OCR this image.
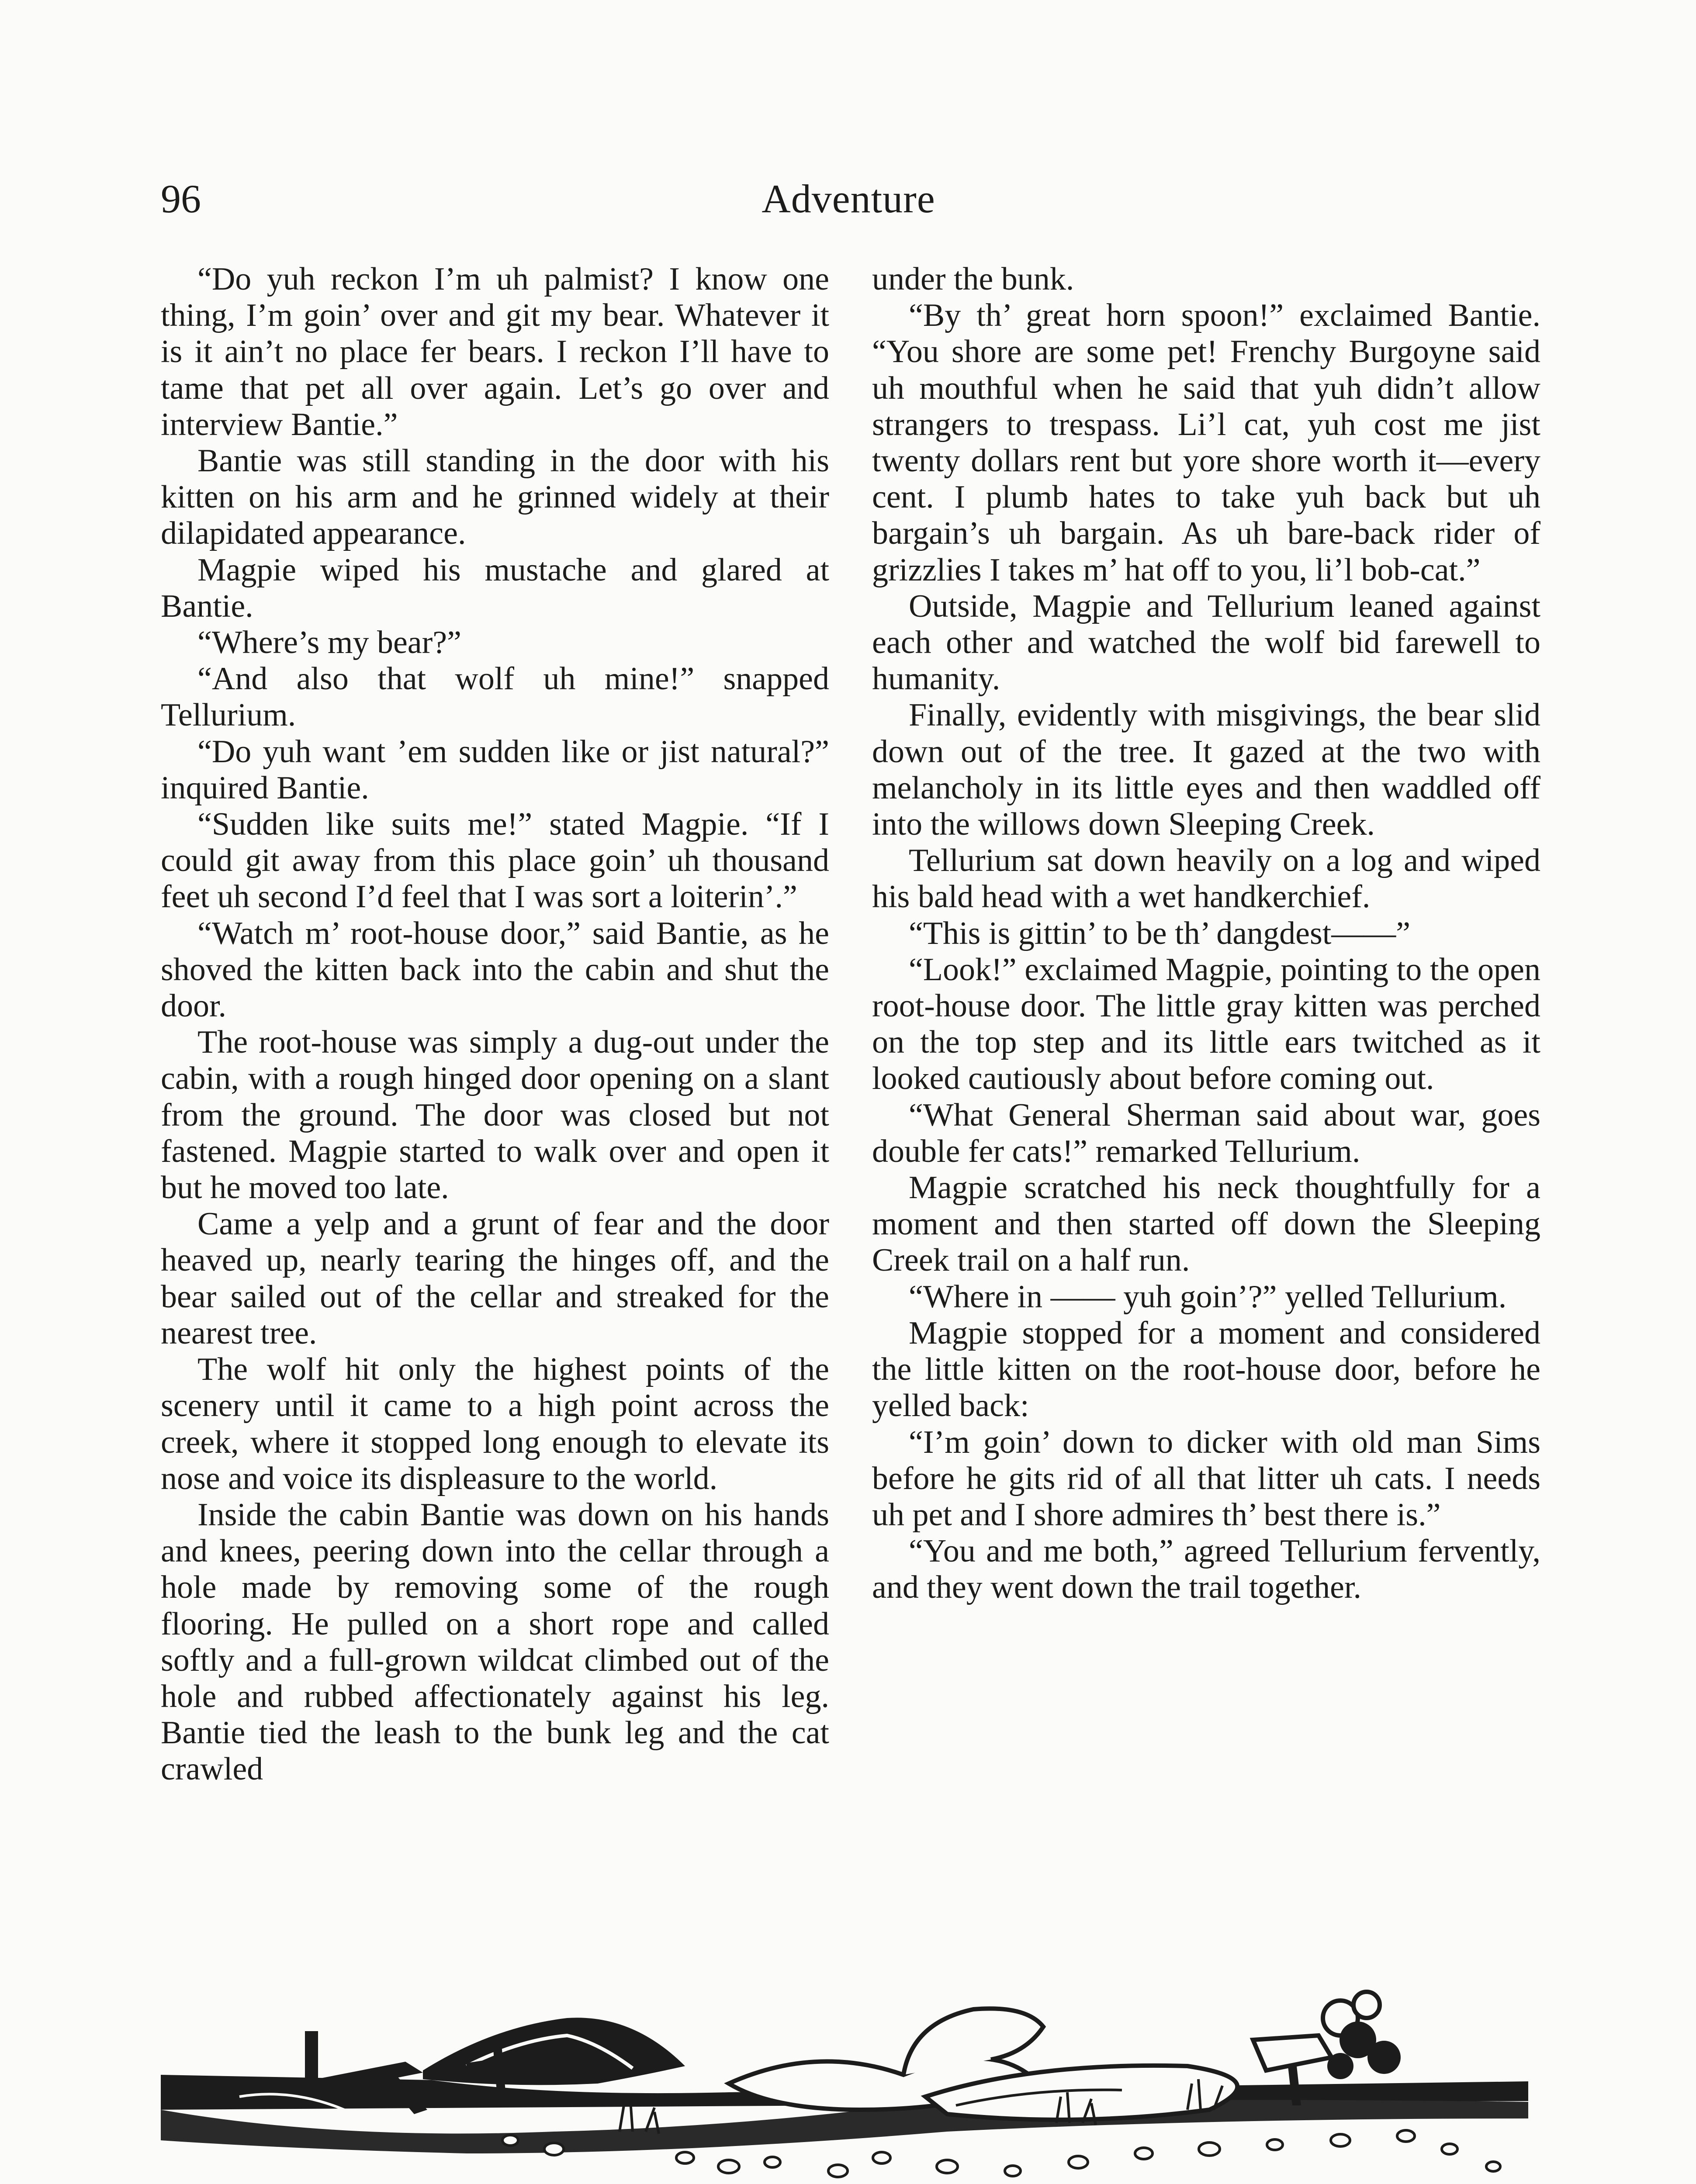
96	Adventure

“Do yuh reckon I’m uh palmist? I know one thing, I’m goin’ over and git my bear. Whatever it is it ain’t no place fer bears. I reckon I’ll have to tame that pet all over again. Let’s go over and interview Bantie.”

Bantie was still standing in the door with his kitten on his arm and he grinned widely at their dilapidated appearance.

Magpie wiped his mustache and glared at Bantie.

“Where’s my bear?”

“And also that wolf uh mine!” snapped Tellurium.

“Do yuh want ’em sudden like or jist natural?” inquired Bantie.

“Sudden like suits me!” stated Magpie. “If I could git away from this place goin’ uh thousand feet uh second I’d feel that I was sort a loiterin’.”

“Watch m’ root-house door,” said Bantie, as he shoved the kitten back into the cabin and shut the door.

The root-house was simply a dug-out under the cabin, with a rough hinged door opening on a slant from the ground. The door was closed but not fastened. Magpie started to walk over and open it but he moved too late.

Came a yelp and a grunt of fear and the door heaved up, nearly tearing the hinges off, and the bear sailed out of the cellar and streaked for the nearest tree.

The wolf hit only the highest points of the scenery until it came to a high point across the creek, where it stopped long enough to elevate its nose and voice its displeasure to the world.

Inside the cabin Bantie was down on his hands and knees, peering down into the cellar through a hole made by removing some of the rough flooring. He pulled on a short rope and called softly and a full-grown wildcat climbed out of the hole and rubbed affectionately against his leg. Bantie tied the leash to the bunk leg and the cat crawled

under the bunk.

“By th’ great horn spoon!” exclaimed Bantie. “You shore are some pet! Frenchy Burgoyne said uh mouthful when he said that yuh didn’t allow strangers to trespass. Li’l cat, yuh cost me jist twenty dollars rent but yore shore worth it—every cent. I plumb hates to take yuh back but uh bargain’s uh bargain. As uh bare-back rider of grizzlies I takes m’ hat off to you, li’l bob-cat.”

Outside, Magpie and Tellurium leaned against each other and watched the wolf bid farewell to humanity.

Finally, evidently with misgivings, the bear slid down out of the tree. It gazed at the two with melancholy in its little eyes and then waddled off into the willows down Sleeping Creek.

Tellurium sat down heavily on a log and wiped his bald head with a wet handkerchief.

“This is gittin’ to be th’ dangdest——”

“Look!” exclaimed Magpie, pointing to the open root-house door. The little gray kitten was perched on the top step and its little ears twitched as it looked cautiously about before coming out.

“What General Sherman said about war, goes double fer cats!” remarked Tellurium.

Magpie scratched his neck thoughtfully for a moment and then started off down the Sleeping Creek trail on a half run.

“Where in —— yuh goin’?” yelled Tellurium.

Magpie stopped for a moment and considered the little kitten on the root-house door, before he yelled back:

“I’m goin’ down to dicker with old man Sims before he gits rid of all that litter uh cats. I needs uh pet and I shore admires th’ best there is.”

“You and me both,” agreed Tellurium fervently, and they went down the trail together.
